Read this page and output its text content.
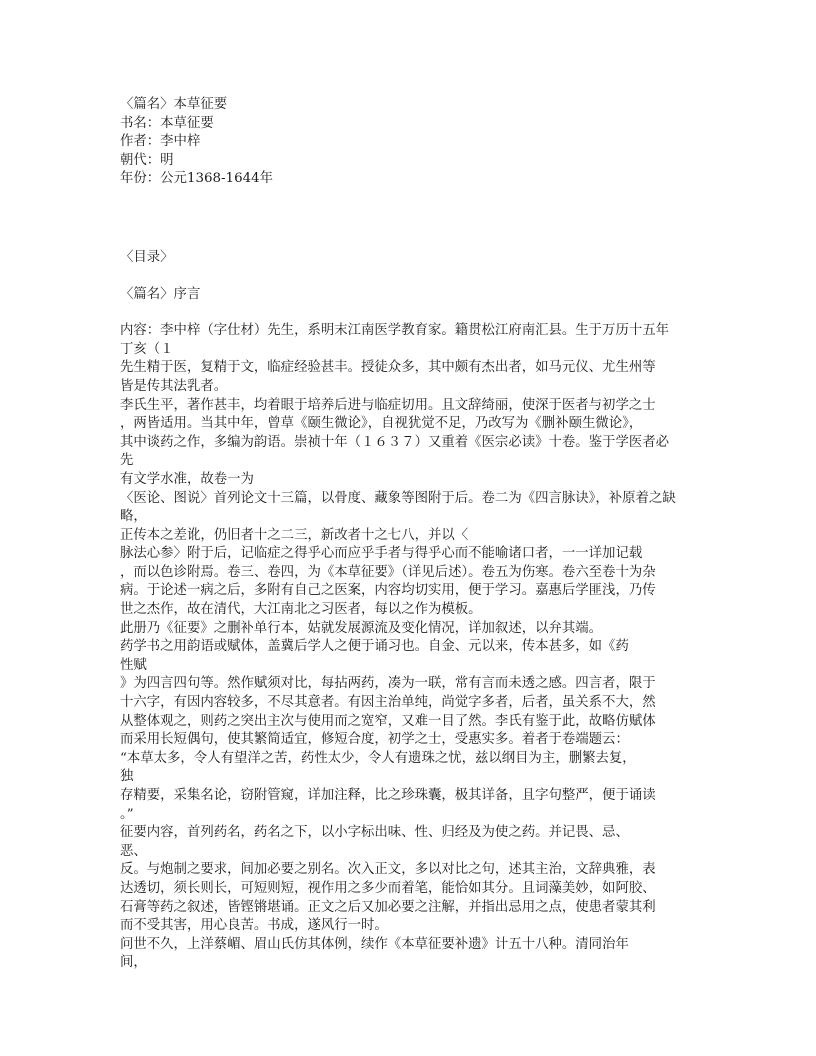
〈篇名〉本草征要
书名：本草征要
作者：李中梓
朝代：明
年份：公元1368-1644年
〈目录〉
〈篇名〉序言
内容：李中梓（字仕材）先生，系明末江南医学教育家。籍贯松江府南汇县。生于万历十五年
丁亥（１
先生精于医，复精于文，临症经验甚丰。授徒众多，其中颇有杰出者，如马元仪、尤生州等
皆是传其法乳者。
李氏生平，著作甚丰，均着眼于培养后进与临症切用。且文辞绮丽，使深于医者与初学之士
，两皆适用。当其中年，曾草《颐生微论》，自视犹觉不足，乃改写为《删补颐生微论》，
其中谈药之作，多编为韵语。崇祯十年（１６３７）又重着《医宗必读》十卷。鉴于学医者必
先
有文学水准，故卷一为
〈医论、图说〉首列论文十三篇，以骨度、藏象等图附于后。卷二为《四言脉诀》，补原着之缺
略，
正传本之差讹，仍旧者十之二三，新改者十之七八，并以〈
脉法心参〉附于后，记临症之得乎心而应乎手者与得乎心而不能喻诸口者，一一详加记载
，而以色诊附焉。卷三、卷四，为《本草征要》（详见后述）。卷五为伤寒。卷六至卷十为杂
病。于论述一病之后，多附有自己之医案，内容均切实用，便于学习。嘉惠后学匪浅，乃传
世之杰作，故在清代，大江南北之习医者，每以之作为模板。
此册乃《征要》之删补单行本，姑就发展源流及变化情况，详加叙述，以弁其端。
药学书之用韵语或赋体，盖冀后学人之便于诵习也。自金、元以来，传本甚多，如《药
性赋
》为四言四句等。然作赋须对比，每拈两药，凑为一联，常有言而未透之感。四言者，限于
十六字，有因内容较多，不尽其意者。有因主治单纯，尚觉字多者，后者，虽关系不大，然
从整体观之，则药之突出主次与使用而之宽窄，又难一目了然。李氏有鉴于此，故略仿赋体
而采用长短偶句，使其繁简适宜，修短合度，初学之士，受惠实多。着者于卷端题云：
“本草太多，令人有望洋之苦，药性太少，令人有遗珠之忧，兹以纲目为主，删繁去复，
独
存精要，采集名论，窃附管窥，详加注释，比之珍珠囊，极其详备，且字句整严，便于诵读
。”
征要内容，首列药名，药名之下，以小字标出味、性、归经及为使之药。并记畏、忌、
恶、
反。与炮制之要求，间加必要之别名。次入正文，多以对比之句，述其主治，文辞典雅，表
达透切，须长则长，可短则短，视作用之多少而着笔，能恰如其分。且词藻美妙，如阿胶、
石膏等药之叙述，皆铿锵堪诵。正文之后又加必要之注解，并指出忌用之点，使患者蒙其利
而不受其害，用心良苦。书成，遂风行一时。
问世不久，上洋蔡嵋、眉山氏仿其体例，续作《本草征要补遗》计五十八种。清同治年
间，
